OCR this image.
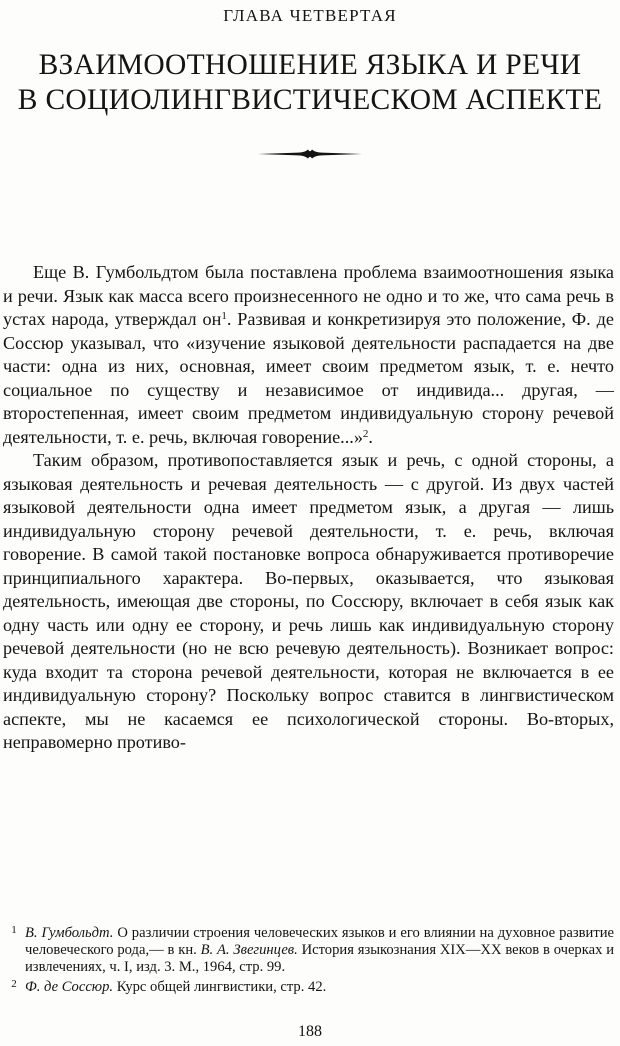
ГЛАВА ЧЕТВЕРТАЯ
ВЗАИМООТНОШЕНИЕ ЯЗЫКА И РЕЧИ
В СОЦИОЛИНГВИСТИЧЕСКОМ АСПЕКТЕ

Еще В. Гумбольдтом была поставлена проблема взаимоотношения языка и речи. Язык как масса всего произнесенного не одно и то же, что сама речь в устах народа, утверждал $он^1$. Развивая и конкретизируя это положение, Ф. де Соссюр указывал, что «изучение языковой деятельности распадается на две части: одна из них, основная, имеет своим предметом язык, т. е. нечто социальное по существу и независимое от индивида... другая, — второстепенная, имеет своим предметом индивидуальную сторону речевой деятельности, т. е. речь, включая говорение...»$^2$.

Таким образом, противопоставляется язык и речь, с одной стороны, а языковая деятельность и речевая деятельность — с другой. Из двух частей языковой деятельности одна имеет предметом язык, а другая — лишь индивидуальную сторону речевой деятельности, т. е. речь, включая говорение. В самой такой постановке вопроса обнаруживается противоречие принципиального характера. Во-первых, оказывается, что языковая деятельность, имеющая две стороны, по Соссюру, включает в себя язык как одну часть или одну ее сторону, и речь лишь как индивидуальную сторону речевой деятельности (но не всю речевую деятельность). Возникает вопрос: куда входит та сторона речевой деятельности, которая не включается в ее индивидуальную сторону? Поскольку вопрос ставится в лингвистическом аспекте, мы не касаемся ее психологической стороны. Во-вторых, неправомерно противо-

1 В. Гумбольдт. О различии строения человеческих языков и его влиянии на духовное развитие человеческого рода,— в кн. В. А. Звегинцев. История языкознания XIX—XX веков в очерках и извлечениях, ч. I, изд. 3. М., 1964, стр. 99.

2 Ф. де Соссюр. Курс общей лингвистики, стр. 42.

188
